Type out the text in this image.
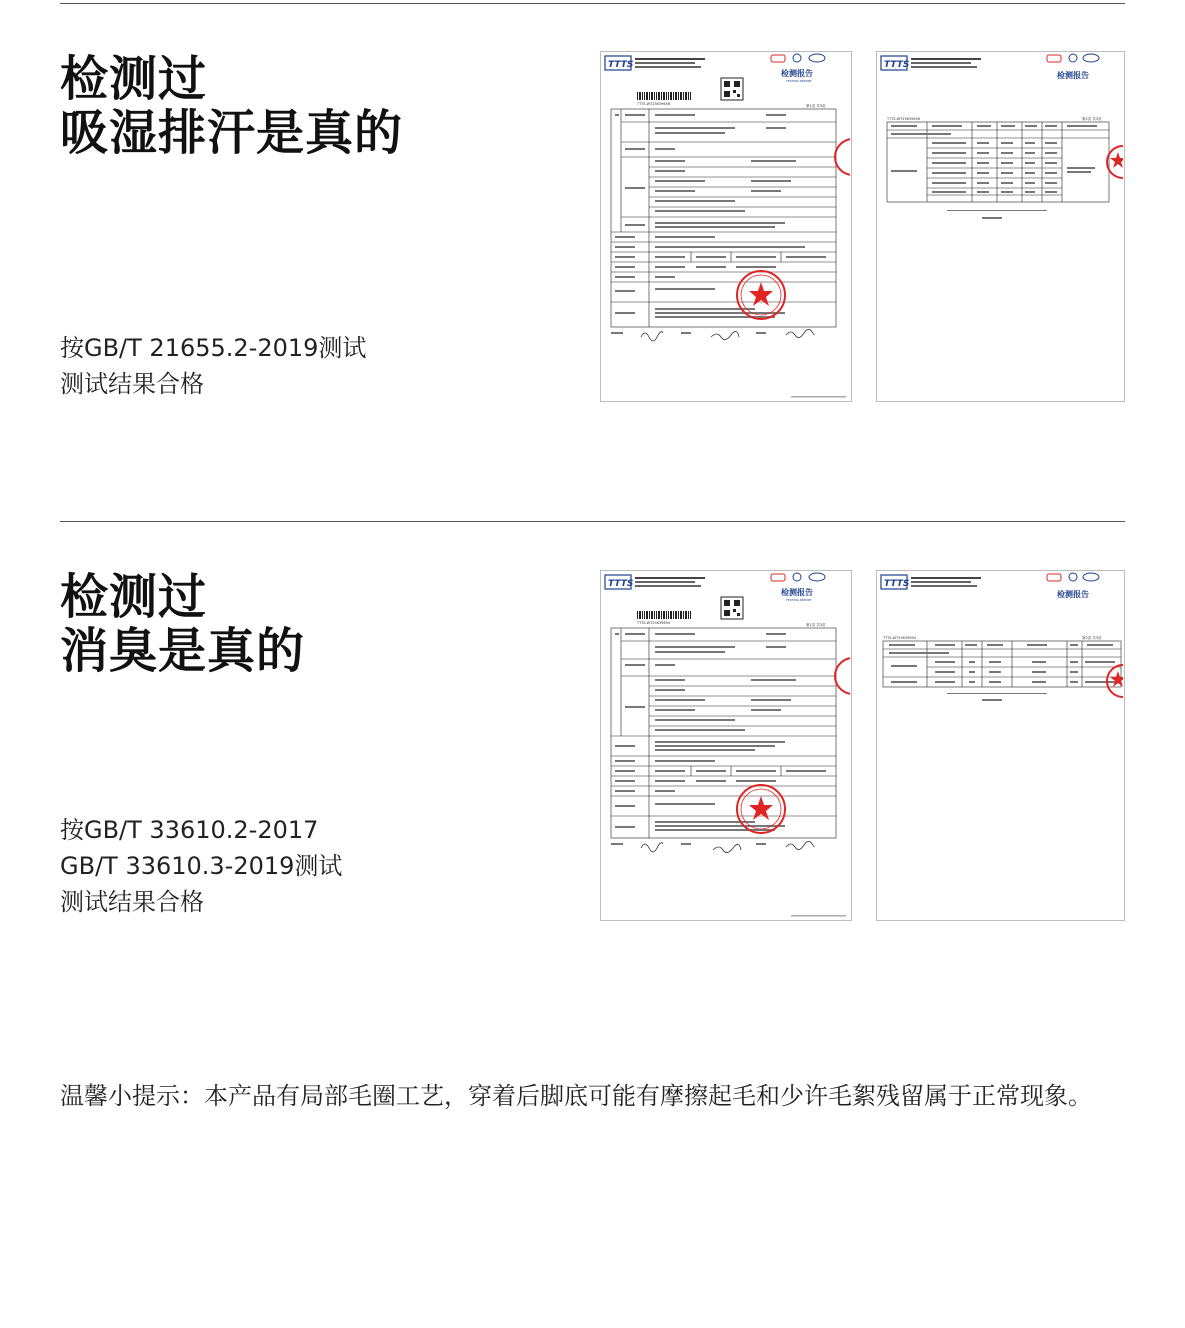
检测过
吸湿排汗是真的
按GB/T 21655.2-2019测试
测试结果合格
TTTS
检测报告
TESTING REPORT
TTTS-WT25639656	第1页 共3页
TTTS
检测报告
TTTS-WT25639656	第2页 共3页
检测过
消臭是真的
按GB/T 33610.2-2017
GB/T 33610.3-2019测试
测试结果合格
TTTS
检测报告
TESTING REPORT
TTTS-WT25639694	第1页 共3页
TTTS
检测报告
TTTS-WT25639694	第2页 共3页
温馨小提示：本产品有局部毛圈工艺，穿着后脚底可能有摩擦起毛和少许毛絮残留属于正常现象。
